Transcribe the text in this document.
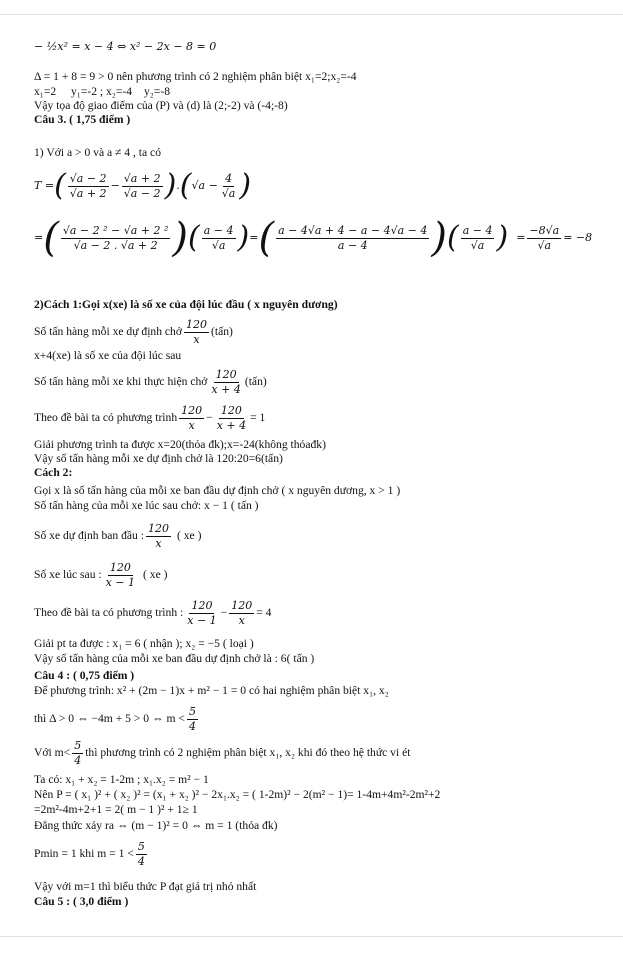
− ½x² = x − 4 ⇔ x² − 2x − 8 = 0
Δ = 1 + 8 = 9 > 0 nên phương trình có 2 nghiệm phân biệt x₁=2;x₂=-4
x₁=2 ⃞ y₁=-2 ; x₂=-4⃞ y₂=-8
Vậy tọa độ giao điểm của (P) và (d) là (2;-2) và (-4;-8)
Câu 3. ( 1,75 điểm )
1) Với a > 0 và a ≠ 4 , ta có
T = ( $\frac{√a - 2}{√a + 2} - \frac{√a + 2}{√a - 2}$ ) . ( $√a - \frac{4}{√a}$ )
= ( $\frac{\text{√a − 2 ² − √a + 2 ²}}{√a - 2 . √a + 2}$ ) ( $\frac{a - 4}{√a}$ ) = ( $\frac{a - 4√a + 4 - a - 4√a - 4}{a - 4}$ ) ( $\frac{a - 4}{√a}$ ) = $\frac{-8√a}{√a} = -8$
2)Cách 1:Gọi x(xe) là số xe của đội lúc đầu ( x nguyên dương)
Số tấn hàng mỗi xe dự định chở $\frac{120}{x}$ (tấn)
x+4(xe) là số xe của đội lúc sau
Số tấn hàng mỗi xe khi thực hiện chở $\frac{120}{x + 4}$ (tấn)
Theo đề bài ta có phương trình $\frac{120}{x} - \frac{120}{x + 4} = 1$
Giải phương trình ta được x=20(thỏa đk);x=-24(không thỏađk)
Vậy số tấn hàng mỗi xe dự định chở là 120:20=6(tấn)
Cách 2:
Gọi x là số tấn hàng của mỗi xe ban đầu dự định chở ( x nguyên dương, x > 1 )
Số tấn hàng của mỗi xe lúc sau chở: x − 1 ( tấn )
Số xe dự định ban đầu : $\frac{120}{x}$ ( xe )
Số xe lúc sau : $\frac{120}{x - 1}$ ( xe )
Theo đề bài ta có phương trình : $\frac{120}{x - 1} - \frac{120}{x} = 4$
Giải pt ta được : x₁ = 6 ( nhận ); x₂ = −5 ( loại )
Vậy số tấn hàng của mỗi xe ban đầu dự định chở là : 6( tấn )
Câu 4 : ( 0,75 điểm )
Để phương trình: x² + (2m − 1)x + m² − 1 = 0 có hai nghiệm phân biệt x₁, x₂
thì Δ > 0 ⇔ −4m + 5 > 0 ⇔ $m < \frac{5}{4}$
Với $m< \frac{5}{4}$ thì phương trình có 2 nghiệm phân biệt x₁, x₂ khi đó theo hệ thức vi ét
Ta có: x₁ + x₂ = 1-2m ; x₁.x₂ = m² − 1
Nên P = ( x₁ )² + ( x₂ )² = (x₁ + x₂ )² − 2x₁.x₂ = ( 1-2m)² − 2(m² − 1)= 1-4m+4m²-2m²+2
=2m²-4m+2+1 = 2( m − 1 )² + 1≥ 1
Đẳng thức xảy ra ⇔ (m − 1)² = 0 ⇔ m = 1 (thỏa đk)
Pmin = 1 khi $m = 1 < \frac{5}{4}$
Vậy với m=1 thì biểu thức P đạt giá trị nhỏ nhất
Câu 5 : ( 3,0 điểm )
